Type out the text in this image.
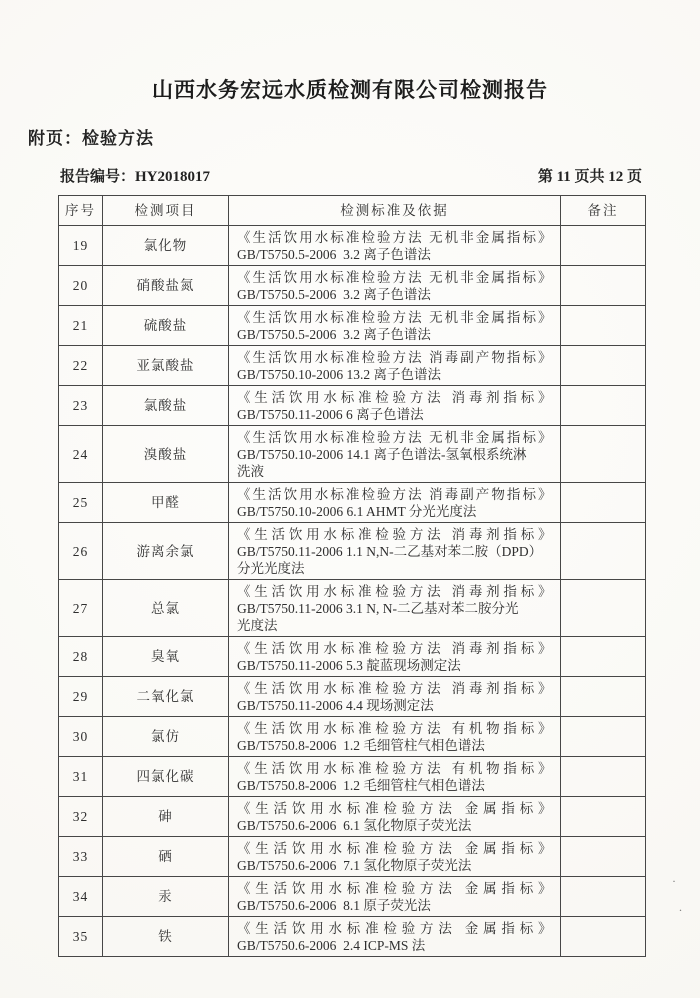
山西水务宏远水质检测有限公司检测报告
附页：检验方法
报告编号：HY2018017	第 11 页共 12 页
序号	检测项目	检测标准及依据	备注
19	氯化物	《生活饮用水标准检验方法 无机非金属指标》
GB/T5750.5-2006  3.2 离子色谱法	

20	硝酸盐氮	《生活饮用水标准检验方法 无机非金属指标》
GB/T5750.5-2006  3.2 离子色谱法	

21	硫酸盐	《生活饮用水标准检验方法 无机非金属指标》
GB/T5750.5-2006  3.2 离子色谱法	

22	亚氯酸盐	《生活饮用水标准检验方法 消毒副产物指标》
GB/T5750.10-2006 13.2 离子色谱法	

23	氯酸盐	《生活饮用水标准检验方法 消毒剂指标》
GB/T5750.11-2006 6 离子色谱法	

24	溴酸盐	《生活饮用水标准检验方法 无机非金属指标》
GB/T5750.10-2006 14.1 离子色谱法-氢氧根系统淋
洗液	

25	甲醛	《生活饮用水标准检验方法 消毒副产物指标》
GB/T5750.10-2006 6.1 AHMT 分光光度法	

26	游离余氯	《生活饮用水标准检验方法 消毒剂指标》
GB/T5750.11-2006 1.1 N,N-二乙基对苯二胺（DPD）
分光光度法	

27	总氯	《生活饮用水标准检验方法 消毒剂指标》
GB/T5750.11-2006 3.1 N, N-二乙基对苯二胺分光
光度法	

28	臭氧	《生活饮用水标准检验方法 消毒剂指标》
GB/T5750.11-2006 5.3 靛蓝现场测定法	

29	二氧化氯	《生活饮用水标准检验方法 消毒剂指标》
GB/T5750.11-2006 4.4 现场测定法	

30	氯仿	《生活饮用水标准检验方法 有机物指标》
GB/T5750.8-2006  1.2 毛细管柱气相色谱法	

31	四氯化碳	《生活饮用水标准检验方法 有机物指标》
GB/T5750.8-2006  1.2 毛细管柱气相色谱法	

32	砷	《生活饮用水标准检验方法 金属指标》
GB/T5750.6-2006  6.1 氢化物原子荧光法	

33	硒	《生活饮用水标准检验方法 金属指标》
GB/T5750.6-2006  7.1 氢化物原子荧光法	

34	汞	《生活饮用水标准检验方法 金属指标》
GB/T5750.6-2006  8.1 原子荧光法	

35	铁	《生活饮用水标准检验方法 金属指标》
GB/T5750.6-2006  2.4 ICP-MS 法	

·
.
